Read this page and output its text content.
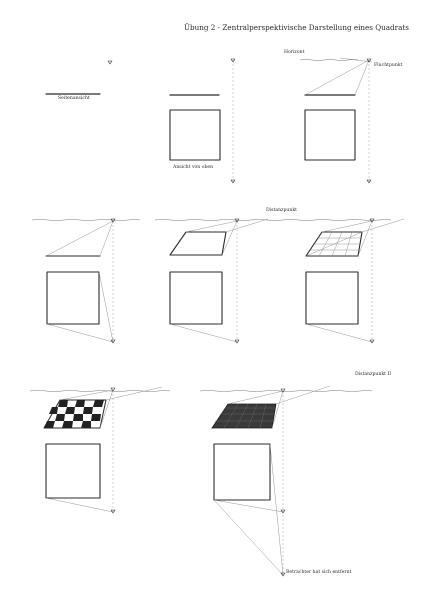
Übung 2 - Zentralperspektivische Darstellung eines Quadrats
Seitenansicht
Horizont
Fluchtpunkt
Ansicht von oben
Distanzpunkt
Distanzpunkt II
Betrachter hat sich entfernt
